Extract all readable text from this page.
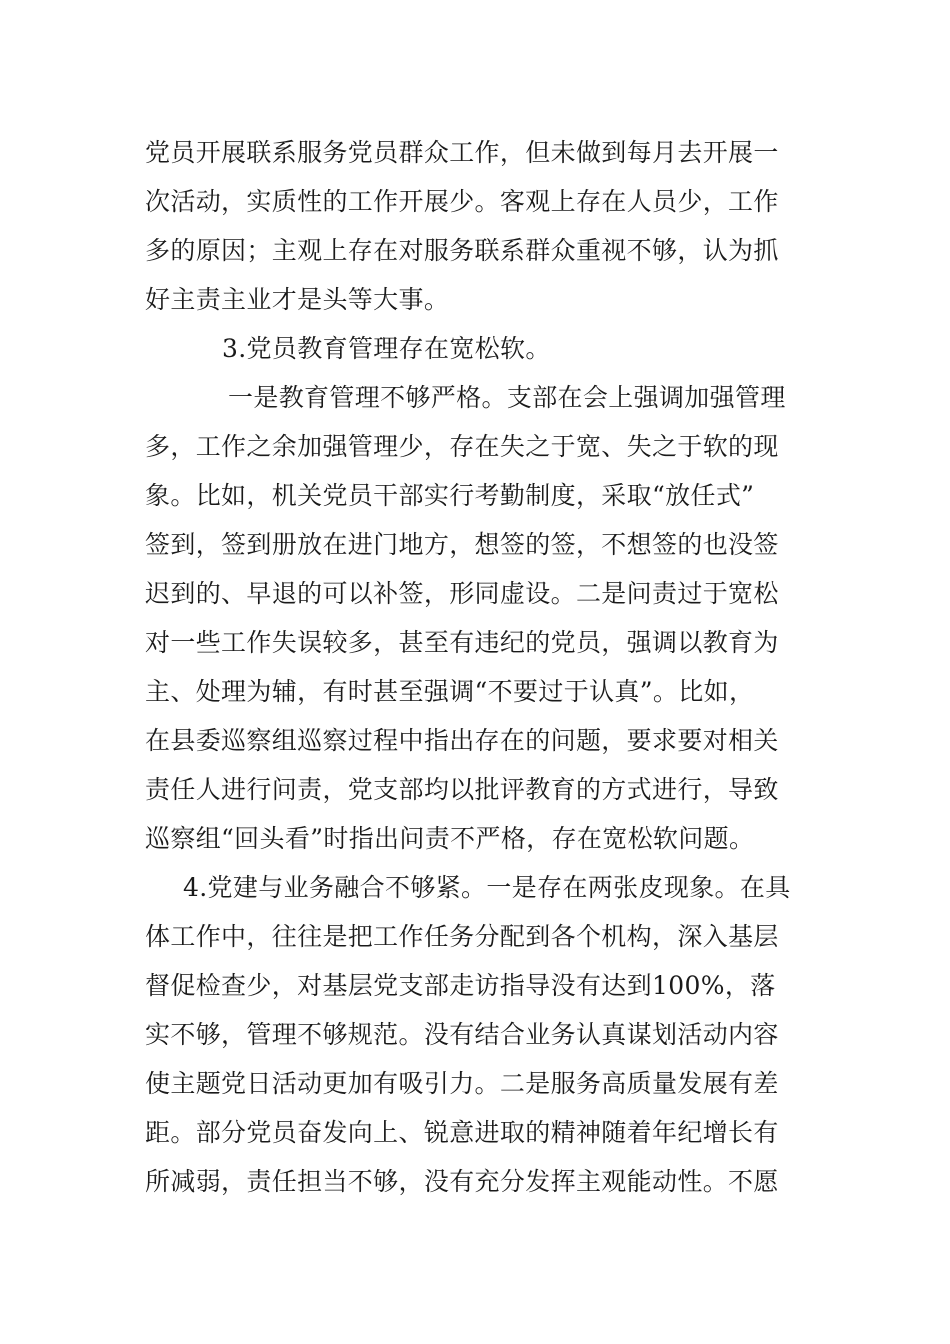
党员开展联系服务党员群众工作，但未做到每月去开展一
次活动，实质性的工作开展少。客观上存在人员少，工作
多的原因；主观上存在对服务联系群众重视不够，认为抓
好主责主业才是头等大事。
3.党员教育管理存在宽松软。
一是教育管理不够严格。支部在会上强调加强管理
多，工作之余加强管理少，存在失之于宽、失之于软的现
象。比如，机关党员干部实行考勤制度，采取“放任式”
签到，签到册放在进门地方，想签的签，不想签的也没签
迟到的、早退的可以补签，形同虚设。二是问责过于宽松
对一些工作失误较多，甚至有违纪的党员，强调以教育为
主、处理为辅，有时甚至强调“不要过于认真”。比如，
在县委巡察组巡察过程中指出存在的问题，要求要对相关
责任人进行问责，党支部均以批评教育的方式进行，导致
巡察组“回头看”时指出问责不严格，存在宽松软问题。
4.党建与业务融合不够紧。一是存在两张皮现象。在具
体工作中，往往是把工作任务分配到各个机构，深入基层
督促检查少，对基层党支部走访指导没有达到100%，落
实不够，管理不够规范。没有结合业务认真谋划活动内容
使主题党日活动更加有吸引力。二是服务高质量发展有差
距。部分党员奋发向上、锐意进取的精神随着年纪增长有
所减弱，责任担当不够，没有充分发挥主观能动性。不愿
